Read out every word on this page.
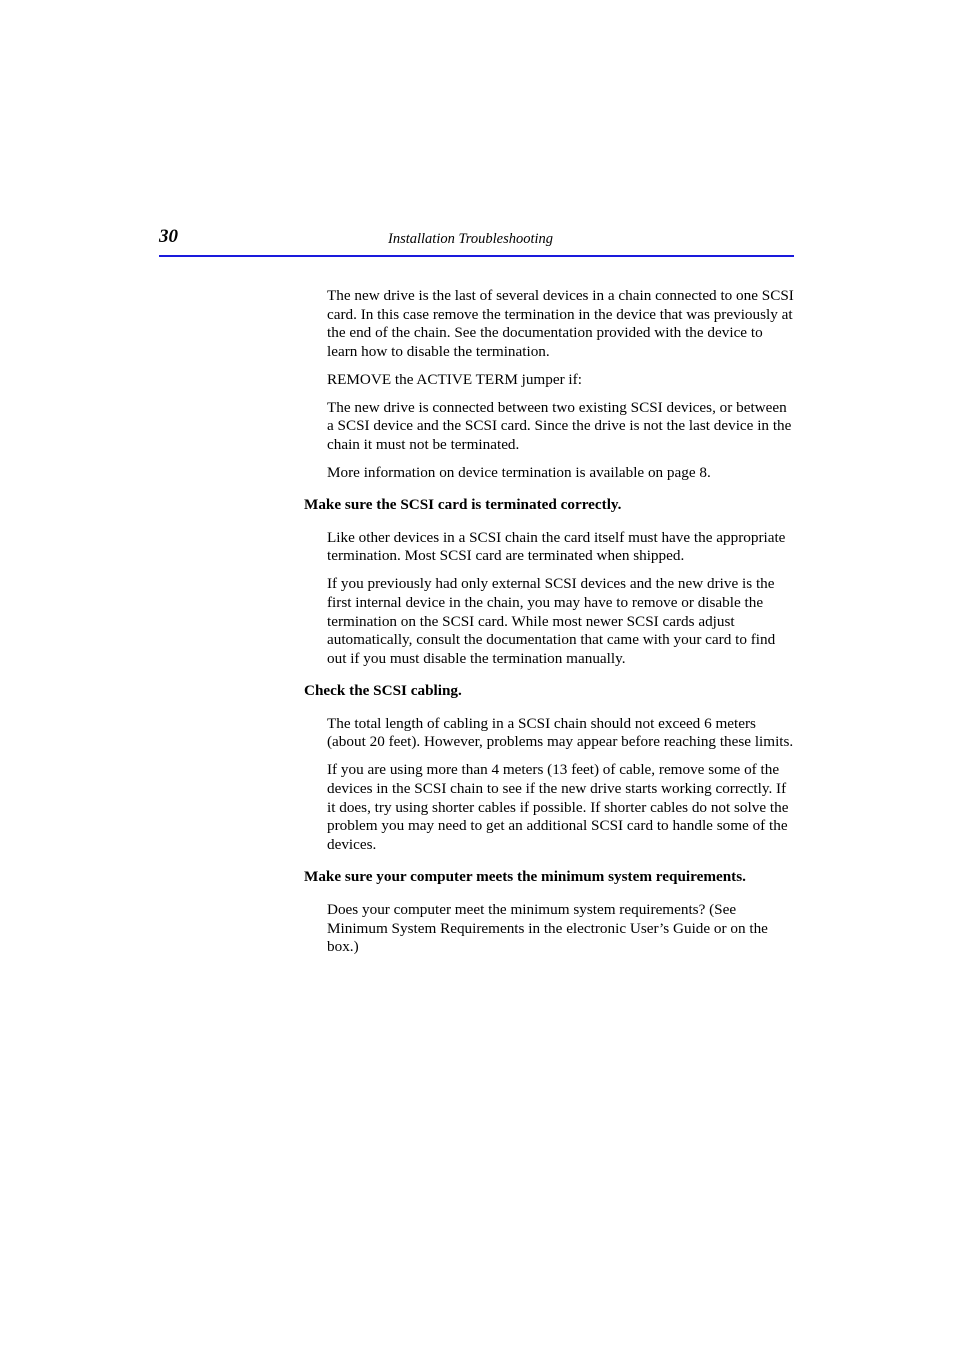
30	Installation Troubleshooting

The new drive is the last of several devices in a chain connected to one SCSI card. In this case remove the termination in the device that was previously at the end of the chain. See the documentation provided with the device to learn how to disable the termination.

REMOVE the ACTIVE TERM jumper if:

The new drive is connected between two existing SCSI devices, or between a SCSI device and the SCSI card. Since the drive is not the last device in the chain it must not be terminated.

More information on device termination is available on page 8.

Make sure the SCSI card is terminated correctly.

Like other devices in a SCSI chain the card itself must have the appropriate termination. Most SCSI card are terminated when shipped.

If you previously had only external SCSI devices and the new drive is the first internal device in the chain, you may have to remove or disable the termination on the SCSI card. While most newer SCSI cards adjust automatically, consult the documentation that came with your card to find out if you must disable the termination manually.

Check the SCSI cabling.

The total length of cabling in a SCSI chain should not exceed 6 meters (about 20 feet). However, problems may appear before reaching these limits.

If you are using more than 4 meters (13 feet) of cable, remove some of the devices in the SCSI chain to see if the new drive starts working correctly. If it does, try using shorter cables if possible. If shorter cables do not solve the problem you may need to get an additional SCSI card to handle some of the devices.

Make sure your computer meets the minimum system requirements.

Does your computer meet the minimum system requirements? (See Minimum System Requirements in the electronic User’s Guide or on the box.)
